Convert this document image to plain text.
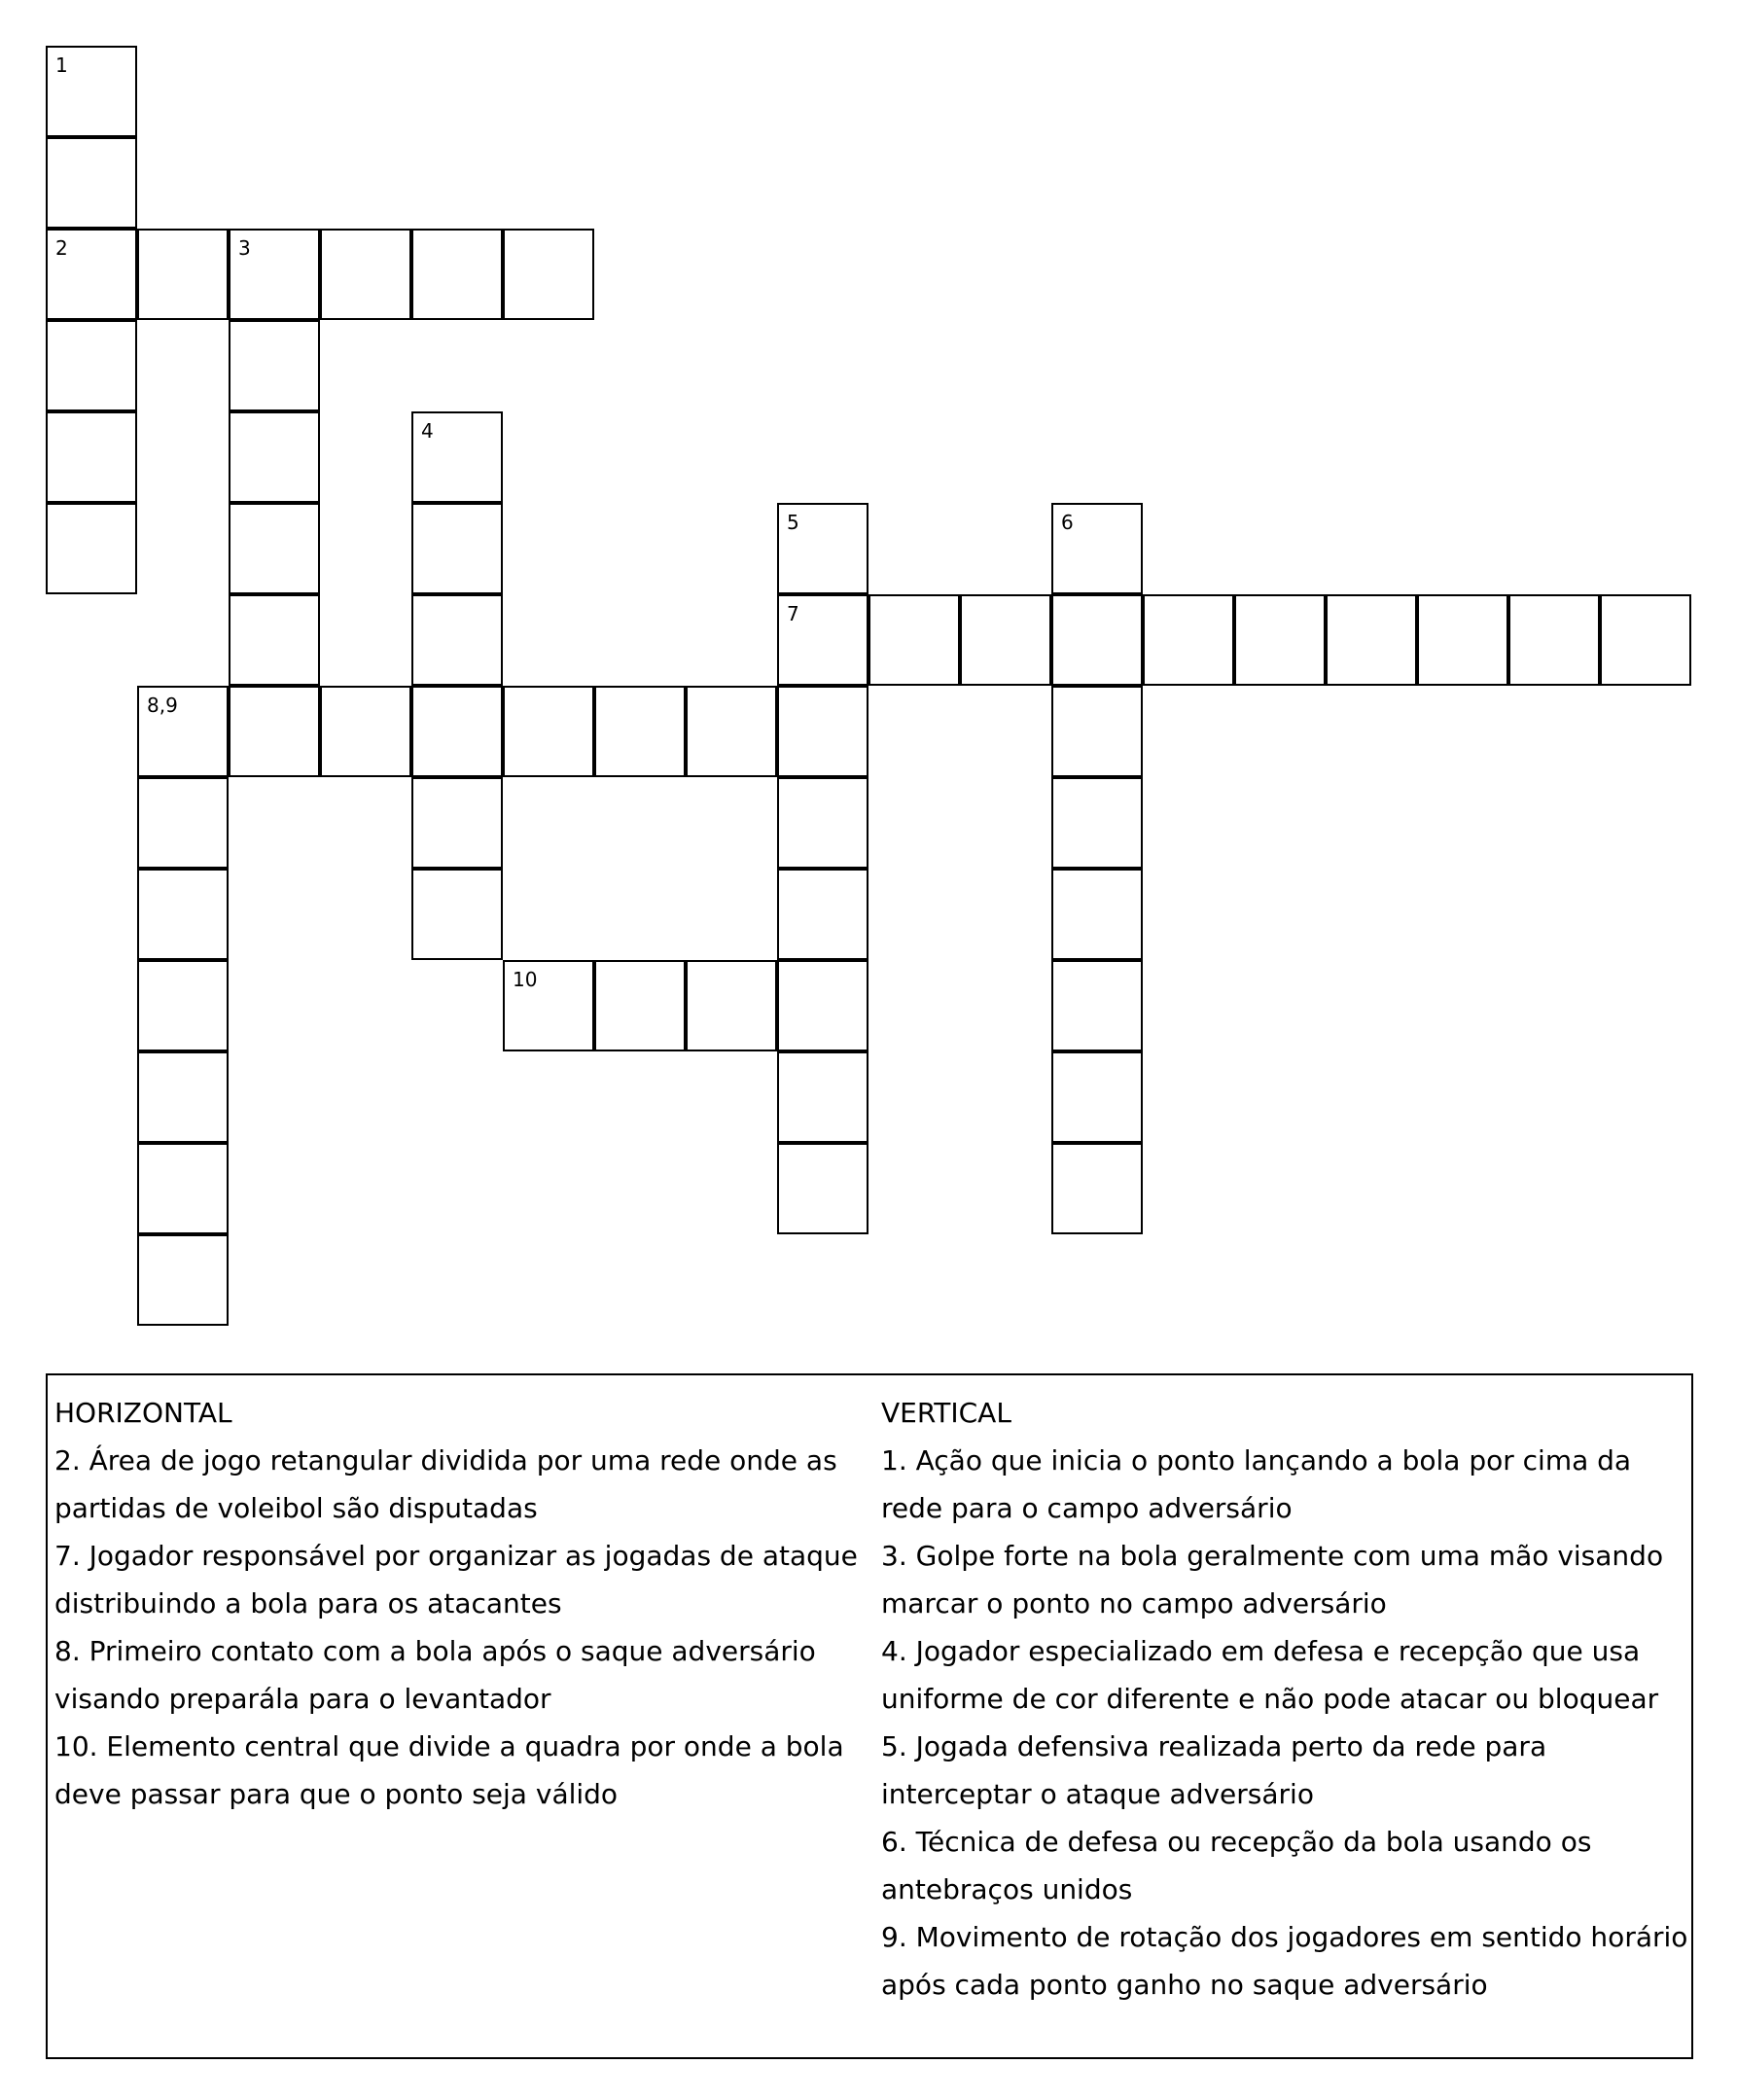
1
2	3
4
5
7
6
8,9
10
HORIZONTAL
2. Área de jogo retangular dividida por uma rede onde as partidas de voleibol são disputadas
7. Jogador responsável por organizar as jogadas de ataque distribuindo a bola para os atacantes
8. Primeiro contato com a bola após o saque adversário visando preparála para o levantador
10. Elemento central que divide a quadra por onde a bola deve passar para que o ponto seja válido
VERTICAL
1. Ação que inicia o ponto lançando a bola por cima da rede para o campo adversário
3. Golpe forte na bola geralmente com uma mão visando marcar o ponto no campo adversário
4. Jogador especializado em defesa e recepção que usa uniforme de cor diferente e não pode atacar ou bloquear
5. Jogada defensiva realizada perto da rede para interceptar o ataque adversário
6. Técnica de defesa ou recepção da bola usando os antebraços unidos
9. Movimento de rotação dos jogadores em sentido horário após cada ponto ganho no saque adversário
